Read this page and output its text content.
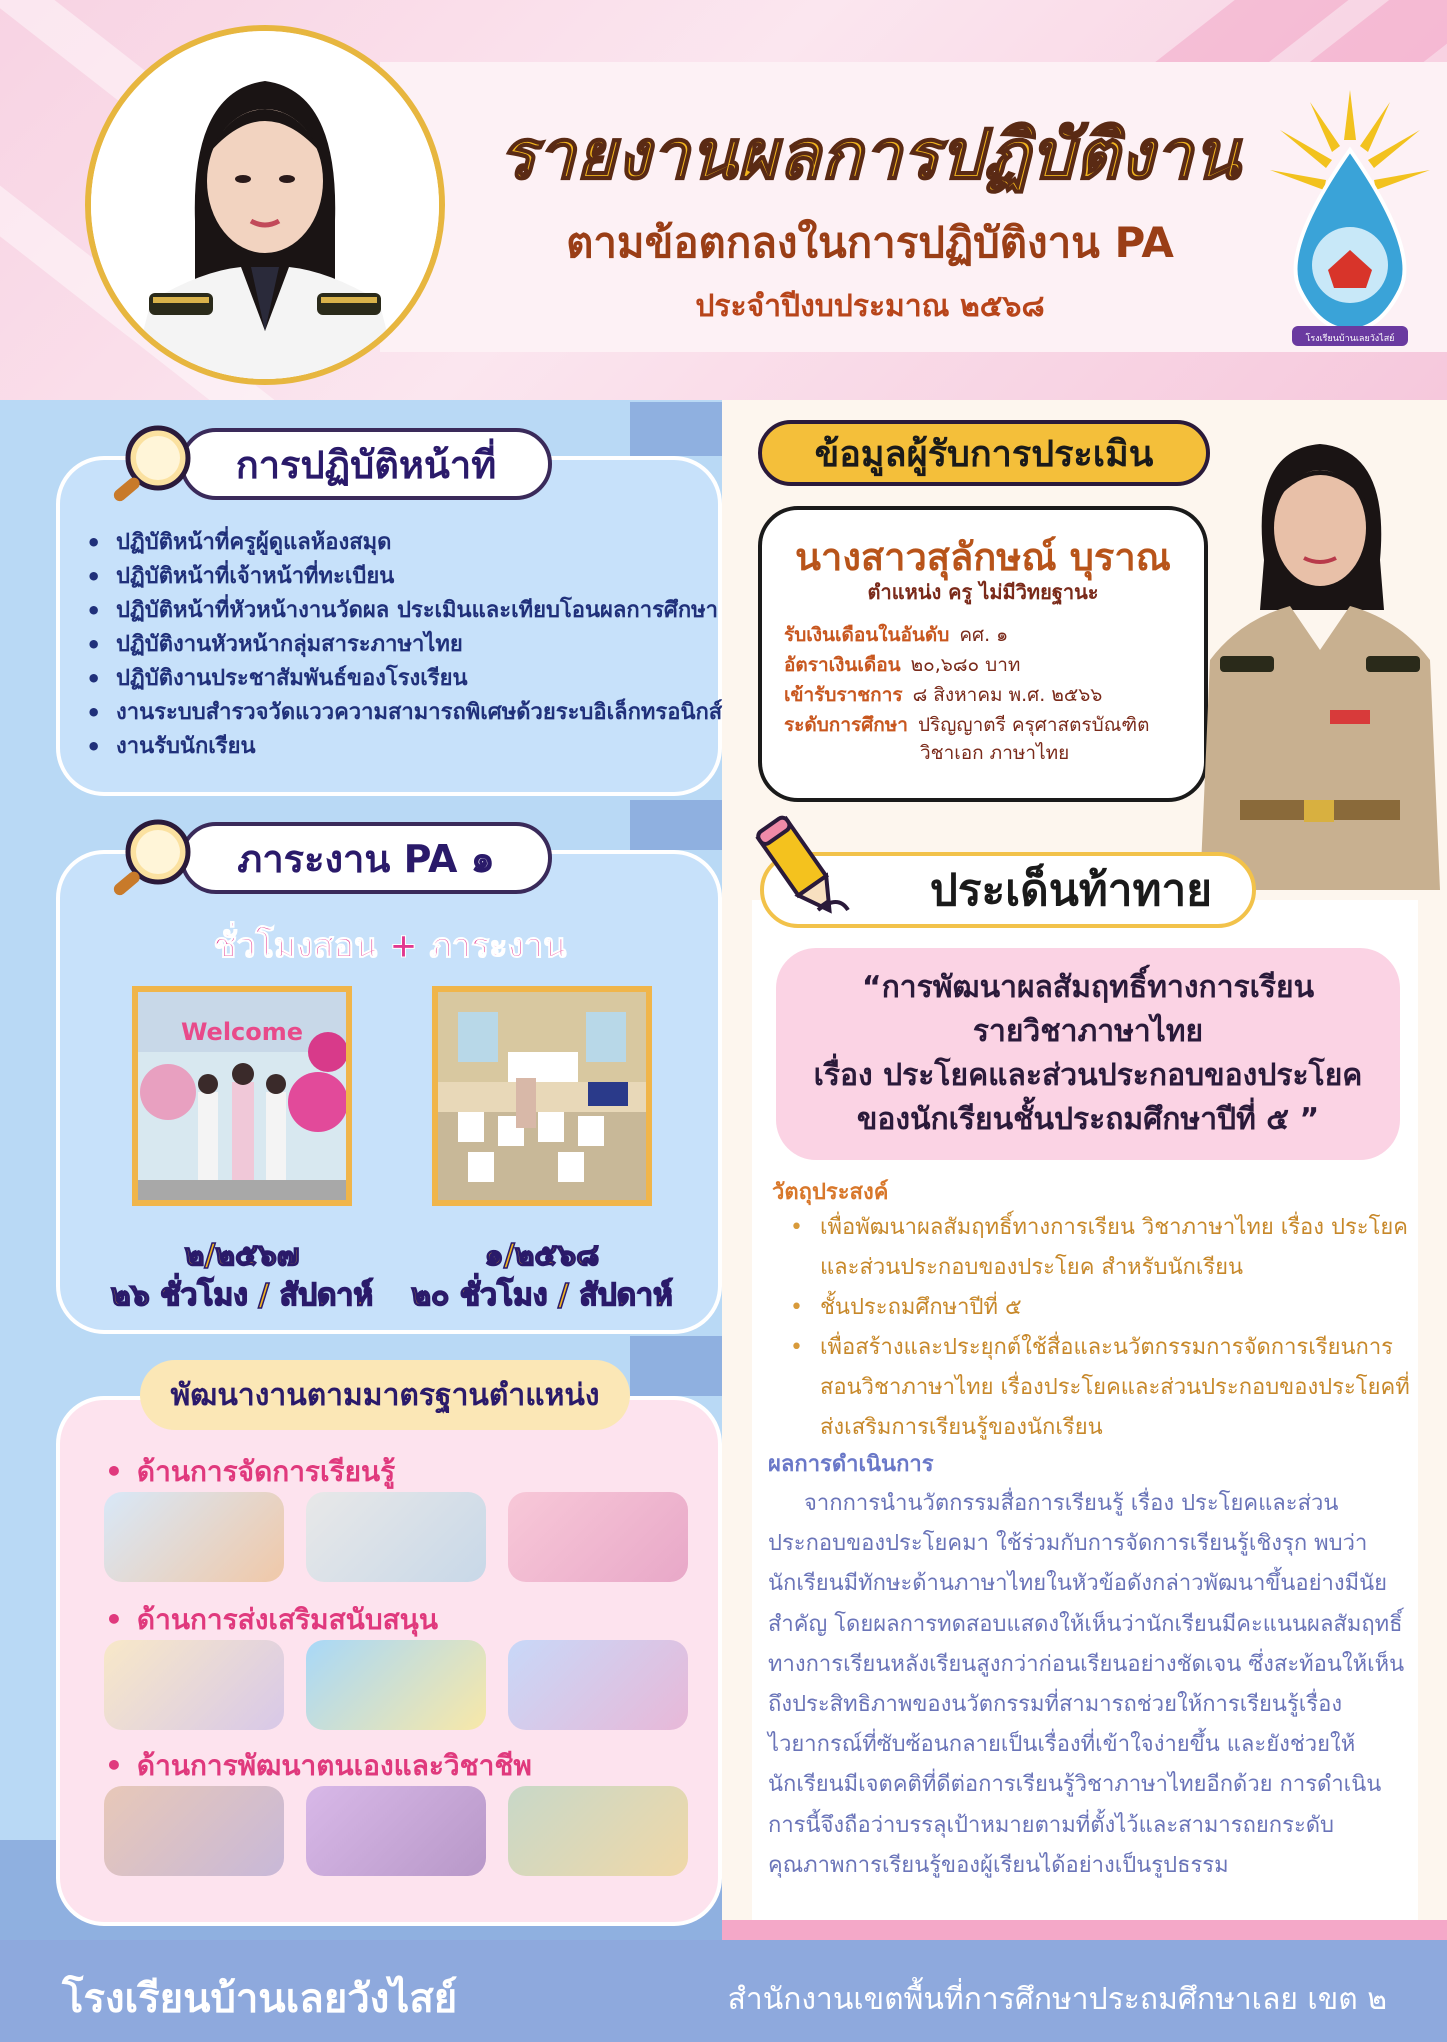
รายงานผลการปฏิบัติงาน
ตามข้อตกลงในการปฏิบัติงาน PA
ประจำปีงบประมาณ ๒๕๖๘
โรงเรียนบ้านเลยวังไสย์
การปฏิบัติหน้าที่
• ปฏิบัติหน้าที่ครูผู้ดูแลห้องสมุด
• ปฏิบัติหน้าที่เจ้าหน้าที่ทะเบียน
• ปฏิบัติหน้าที่หัวหน้างานวัดผล ประเมินและเทียบโอนผลการศึกษา
• ปฏิบัติงานหัวหน้ากลุ่มสาระภาษาไทย
• ปฏิบัติงานประชาสัมพันธ์ของโรงเรียน
• งานระบบสำรวจวัดแววความสามารถพิเศษด้วยระบอิเล็กทรอนิกส์
• งานรับนักเรียน
ภาระงาน PA ๑
ชั่วโมงสอน + ภาระงาน
Welcome
๒/๒๕๖๗
๒๖ ชั่วโมง / สัปดาห์
๑/๒๕๖๘
๒๐ ชั่วโมง / สัปดาห์
พัฒนางานตามมาตรฐานตำแหน่ง
• ด้านการจัดการเรียนรู้
• ด้านการส่งเสริมสนับสนุน
• ด้านการพัฒนาตนเองและวิชาชีพ
ข้อมูลผู้รับการประเมิน
นางสาวสุลักษณ์ บุราณ
ตำแหน่ง ครู ไม่มีวิทยฐานะ
รับเงินเดือนในอันดับ คศ. ๑
อัตราเงินเดือน ๒๐,๖๘๐ บาท
เข้ารับราชการ ๘ สิงหาคม พ.ศ. ๒๕๖๖
ระดับการศึกษา ปริญญาตรี ครุศาสตรบัณฑิต
วิชาเอก ภาษาไทย
ประเด็นท้าทาย
“การพัฒนาผลสัมฤทธิ์ทางการเรียน
รายวิชาภาษาไทย
เรื่อง ประโยคและส่วนประกอบของประโยค
ของนักเรียนชั้นประถมศึกษาปีที่ ๕ ”
วัตถุประสงค์
• เพื่อพัฒนาผลสัมฤทธิ์ทางการเรียน วิชาภาษาไทย เรื่อง ประโยคและส่วนประกอบของประโยค สำหรับนักเรียน
• ชั้นประถมศึกษาปีที่ ๕
• เพื่อสร้างและประยุกต์ใช้สื่อและนวัตกรรมการจัดการเรียนการสอนวิชาภาษาไทย เรื่องประโยคและส่วนประกอบของประโยคที่ส่งเสริมการเรียนรู้ของนักเรียน
ผลการดำเนินการ
จากการนำนวัตกรรมสื่อการเรียนรู้ เรื่อง ประโยคและส่วนประกอบของประโยคมา ใช้ร่วมกับการจัดการเรียนรู้เชิงรุก พบว่านักเรียนมีทักษะด้านภาษาไทยในหัวข้อดังกล่าวพัฒนาขึ้นอย่างมีนัยสำคัญ โดยผลการทดสอบแสดงให้เห็นว่านักเรียนมีคะแนนผลสัมฤทธิ์ทางการเรียนหลังเรียนสูงกว่าก่อนเรียนอย่างชัดเจน ซึ่งสะท้อนให้เห็นถึงประสิทธิภาพของนวัตกรรมที่สามารถช่วยให้การเรียนรู้เรื่องไวยากรณ์ที่ซับซ้อนกลายเป็นเรื่องที่เข้าใจง่ายขึ้น และยังช่วยให้นักเรียนมีเจตคติที่ดีต่อการเรียนรู้วิชาภาษาไทยอีกด้วย การดำเนินการนี้จึงถือว่าบรรลุเป้าหมายตามที่ตั้งไว้และสามารถยกระดับคุณภาพการเรียนรู้ของผู้เรียนได้อย่างเป็นรูปธรรม
โรงเรียนบ้านเลยวังไสย์	สำนักงานเขตพื้นที่การศึกษาประถมศึกษาเลย เขต ๒
